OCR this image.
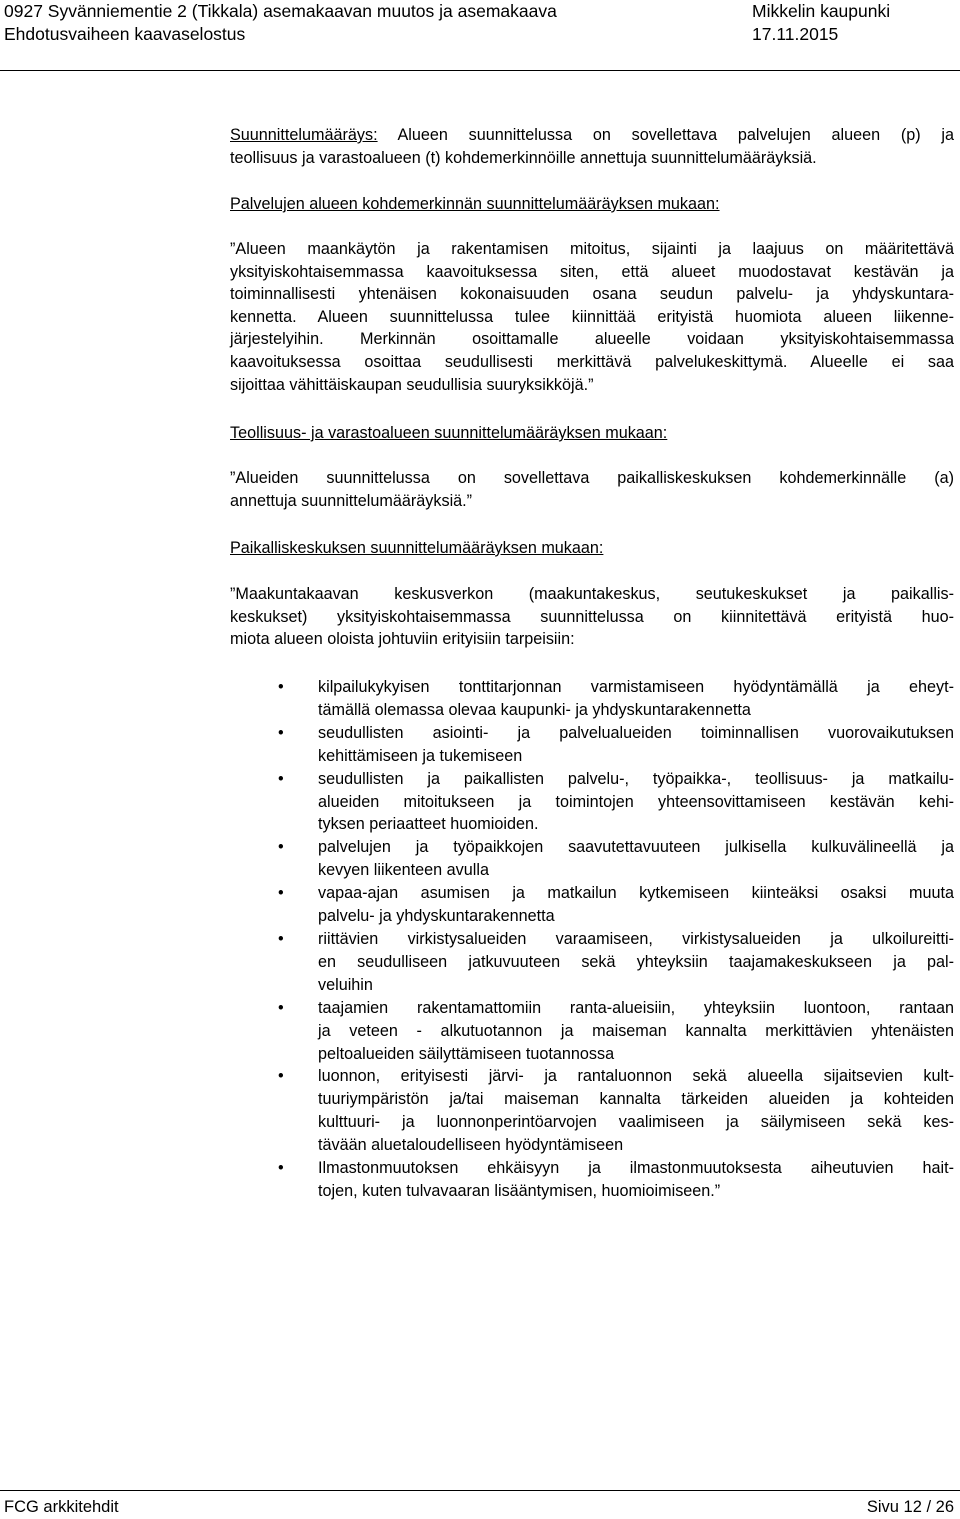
0927 Syvänniementie 2 (Tikkala) asemakaavan muutos ja asemakaava
Ehdotusvaiheen kaavaselostus
Mikkelin kaupunki
17.11.2015

Suunnittelumääräys: Alueen suunnittelussa on sovellettava palvelujen alueen (p) ja

teollisuus ja varastoalueen (t) kohdemerkinnöille annettuja suunnittelumääräyksiä.

Palvelujen alueen kohdemerkinnän suunnittelumääräyksen mukaan:

”Alueen maankäytön ja rakentamisen mitoitus, sijainti ja laajuus on määritettävä

yksityiskohtaisemmassa kaavoituksessa siten, että alueet muodostavat kestävän ja

toiminnallisesti yhtenäisen kokonaisuuden osana seudun palvelu- ja yhdyskuntara-

kennetta. Alueen suunnittelussa tulee kiinnittää erityistä huomiota alueen liikenne-

järjestelyihin. Merkinnän osoittamalle alueelle voidaan yksityiskohtaisemmassa

kaavoituksessa osoittaa seudullisesti merkittävä palvelukeskittymä. Alueelle ei saa

sijoittaa vähittäiskaupan seudullisia suuryksikköjä.”

Teollisuus- ja varastoalueen suunnittelumääräyksen mukaan:

”Alueiden suunnittelussa on sovellettava paikalliskeskuksen kohdemerkinnälle (a)

annettuja suunnittelumääräyksiä.”

Paikalliskeskuksen suunnittelumääräyksen mukaan:

”Maakuntakaavan keskusverkon (maakuntakeskus, seutukeskukset ja paikallis-

keskukset) yksityiskohtaisemmassa suunnittelussa on kiinnitettävä erityistä huo-

miota alueen oloista johtuviin erityisiin tarpeisiin:

• kilpailukykyisen tonttitarjonnan varmistamiseen hyödyntämällä ja eheyt-
tämällä olemassa olevaa kaupunki- ja yhdyskuntarakennetta
• seudullisten asiointi- ja palvelualueiden toiminnallisen vuorovaikutuksen
kehittämiseen ja tukemiseen
• seudullisten ja paikallisten palvelu-, työpaikka-, teollisuus- ja matkailu-
alueiden mitoitukseen ja toimintojen yhteensovittamiseen kestävän kehi-
tyksen periaatteet huomioiden.
• palvelujen ja työpaikkojen saavutettavuuteen julkisella kulkuvälineellä ja
kevyen liikenteen avulla
• vapaa-ajan asumisen ja matkailun kytkemiseen kiinteäksi osaksi muuta
palvelu- ja yhdyskuntarakennetta
• riittävien virkistysalueiden varaamiseen, virkistysalueiden ja ulkoilureitti-
en seudulliseen jatkuvuuteen sekä yhteyksiin taajamakeskukseen ja pal-
veluihin
• taajamien rakentamattomiin ranta-alueisiin, yhteyksiin luontoon, rantaan
ja veteen - alkutuotannon ja maiseman kannalta merkittävien yhtenäisten
peltoalueiden säilyttämiseen tuotannossa
• luonnon, erityisesti järvi- ja rantaluonnon sekä alueella sijaitsevien kult-
tuuriympäristön ja/tai maiseman kannalta tärkeiden alueiden ja kohteiden
kulttuuri- ja luonnonperintöarvojen vaalimiseen ja säilymiseen sekä kes-
tävään aluetaloudelliseen hyödyntämiseen
• Ilmastonmuutoksen ehkäisyyn ja ilmastonmuutoksesta aiheutuvien hait-
tojen, kuten tulvavaaran lisääntymisen, huomioimiseen.”
FCG arkkitehdit	Sivu 12 / 26
